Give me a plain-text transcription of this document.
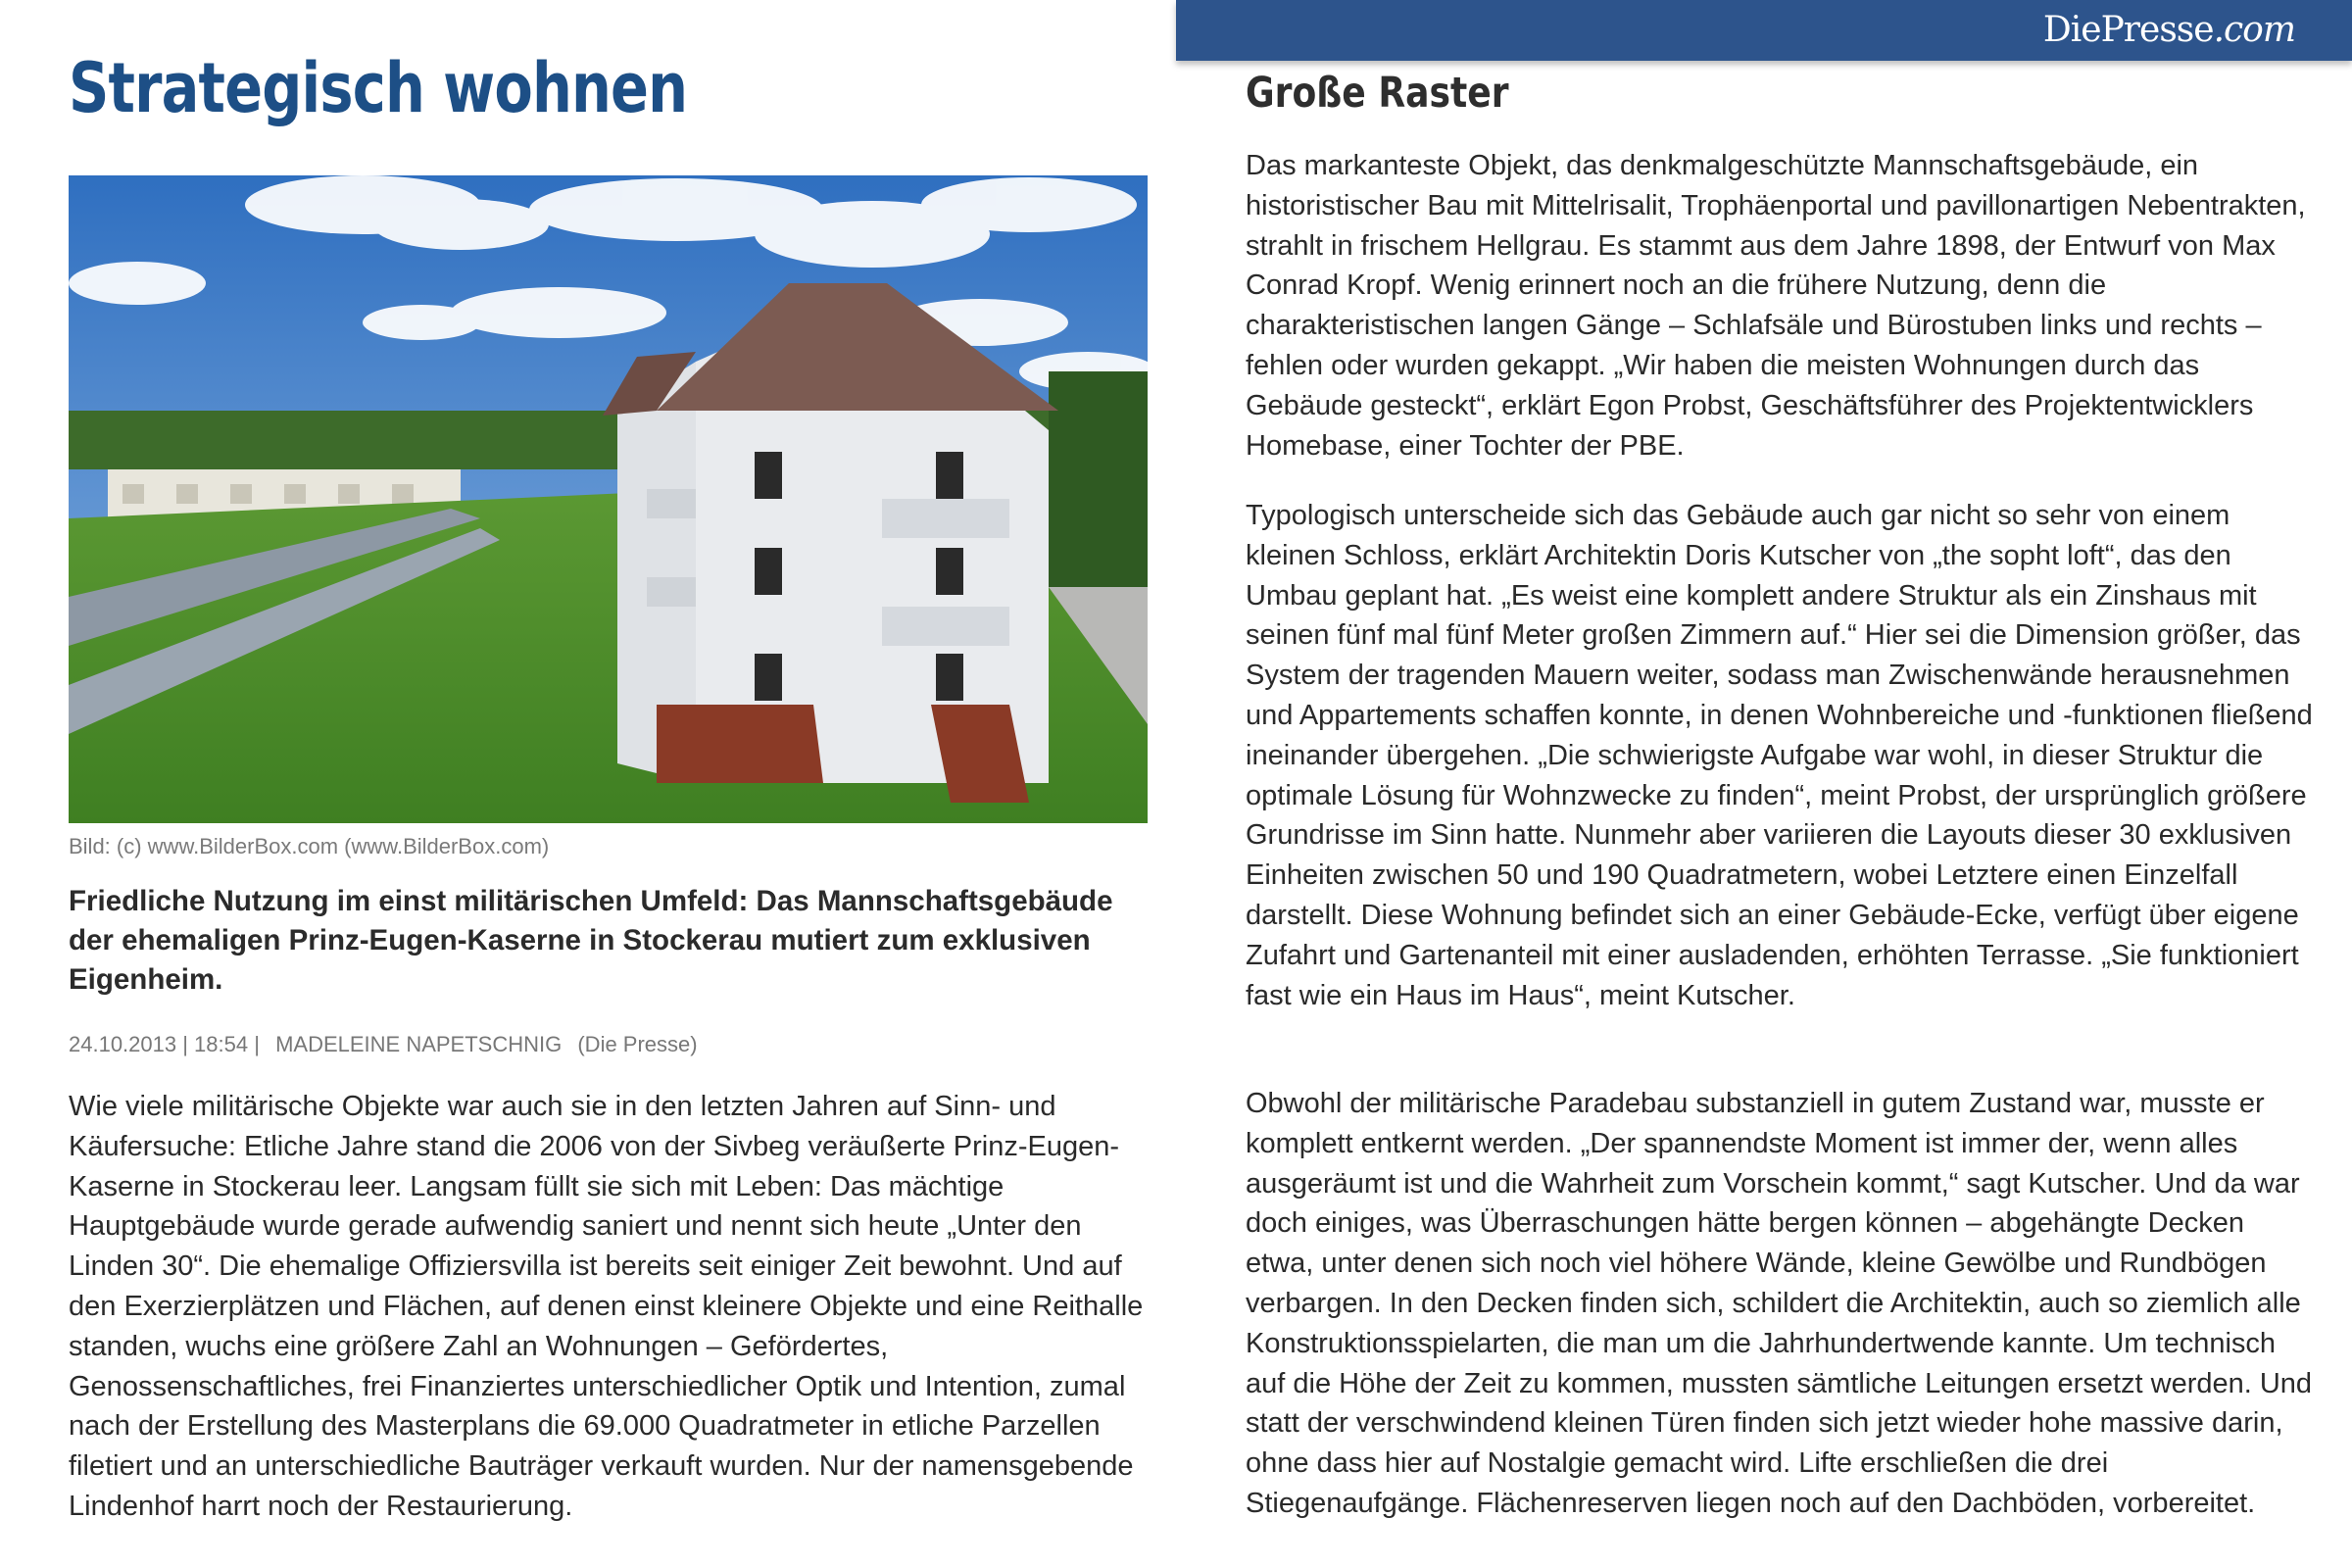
Strategisch wohnen
Bild: (c) www.BilderBox.com (www.BilderBox.com)

Friedliche Nutzung im einst militärischen Umfeld: Das Mannschaftsgebäude der ehemaligen Prinz-Eugen-Kaserne in Stockerau mutiert zum exklusiven Eigenheim.

24.10.2013 | 18:54 | MADELEINE NAPETSCHNIG (Die Presse)

Wie viele militärische Objekte war auch sie in den letzten Jahren auf Sinn- und Käufersuche: Etliche Jahre stand die 2006 von der Sivbeg veräußerte Prinz-Eugen-Kaserne in Stockerau leer. Langsam füllt sie sich mit Leben: Das mächtige Hauptgebäude wurde gerade aufwendig saniert und nennt sich heute „Unter den Linden 30“. Die ehemalige Offiziersvilla ist bereits seit einiger Zeit bewohnt. Und auf den Exerzierplätzen und Flächen, auf denen einst kleinere Objekte und eine Reithalle standen, wuchs eine größere Zahl an Wohnungen – Gefördertes, Genossenschaftliches, frei Finanziertes unterschiedlicher Optik und Intention, zumal nach der Erstellung des Masterplans die 69.000 Quadratmeter in etliche Parzellen filetiert und an unterschiedliche Bauträger verkauft wurden. Nur der namensgebende Lindenhof harrt noch der Restaurierung.

DiePresse.com
Große Raster

Das markanteste Objekt, das denkmalgeschützte Mannschaftsgebäude, ein historistischer Bau mit Mittelrisalit, Trophäenportal und pavillonartigen Nebentrakten, strahlt in frischem Hellgrau. Es stammt aus dem Jahre 1898, der Entwurf von Max Conrad Kropf. Wenig erinnert noch an die frühere Nutzung, denn die charakteristischen langen Gänge – Schlafsäle und Bürostuben links und rechts – fehlen oder wurden gekappt. „Wir haben die meisten Wohnungen durch das Gebäude gesteckt“, erklärt Egon Probst, Geschäftsführer des Projektentwicklers Homebase, einer Tochter der PBE.

Typologisch unterscheide sich das Gebäude auch gar nicht so sehr von einem kleinen Schloss, erklärt Architektin Doris Kutscher von „the sopht loft“, das den Umbau geplant hat. „Es weist eine komplett andere Struktur als ein Zinshaus mit seinen fünf mal fünf Meter großen Zimmern auf.“ Hier sei die Dimension größer, das System der tragenden Mauern weiter, sodass man Zwischenwände herausnehmen und Appartements schaffen konnte, in denen Wohnbereiche und -funktionen fließend ineinander übergehen. „Die schwierigste Aufgabe war wohl, in dieser Struktur die optimale Lösung für Wohnzwecke zu finden“, meint Probst, der ursprünglich größere Grundrisse im Sinn hatte. Nunmehr aber variieren die Layouts dieser 30 exklusiven Einheiten zwischen 50 und 190 Quadratmetern, wobei Letztere einen Einzelfall darstellt. Diese Wohnung befindet sich an einer Gebäude-Ecke, verfügt über eigene Zufahrt und Gartenanteil mit einer ausladenden, erhöhten Terrasse. „Sie funktioniert fast wie ein Haus im Haus“, meint Kutscher.

Obwohl der militärische Paradebau substanziell in gutem Zustand war, musste er komplett entkernt werden. „Der spannendste Moment ist immer der, wenn alles ausgeräumt ist und die Wahrheit zum Vorschein kommt,“ sagt Kutscher. Und da war doch einiges, was Überraschungen hätte bergen können – abgehängte Decken etwa, unter denen sich noch viel höhere Wände, kleine Gewölbe und Rundbögen verbargen. In den Decken finden sich, schildert die Architektin, auch so ziemlich alle Konstruktionsspielarten, die man um die Jahrhundertwende kannte. Um technisch auf die Höhe der Zeit zu kommen, mussten sämtliche Leitungen ersetzt werden. Und statt der verschwindend kleinen Türen finden sich jetzt wieder hohe massive darin, ohne dass hier auf Nostalgie gemacht wird. Lifte erschließen die drei Stiegenaufgänge. Flächenreserven liegen noch auf den Dachböden, vorbereitet.
